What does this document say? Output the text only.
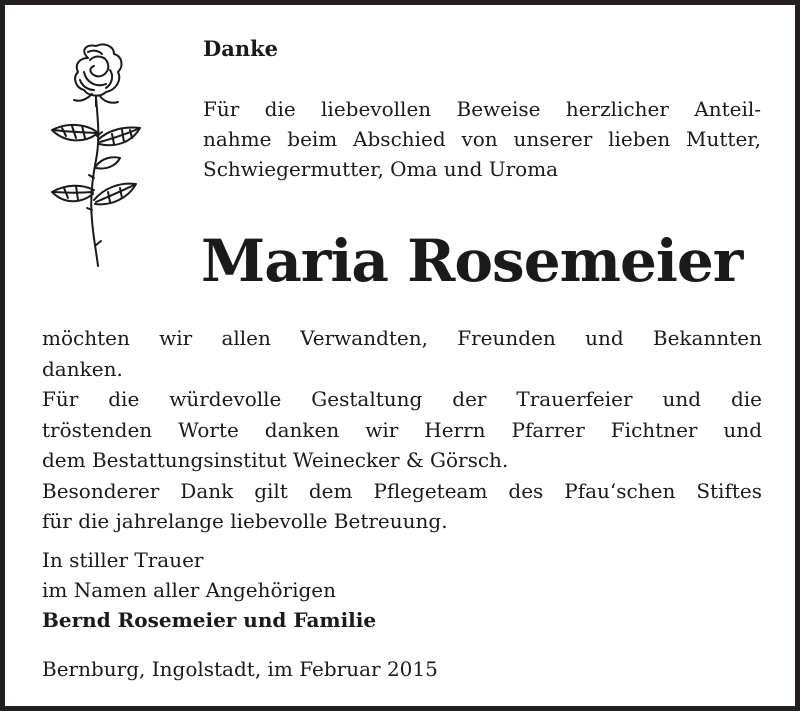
Danke

Für die liebevollen Beweise herzlicher Anteil-
nahme beim Abschied von unserer lieben Mutter,
Schwiegermutter, Oma und Uroma

Maria Rosemeier

möchten wir allen Verwandten, Freunden und Bekannten
danken.
Für die würdevolle Gestaltung der Trauerfeier und die
tröstenden Worte danken wir Herrn Pfarrer Fichtner und
dem Bestattungsinstitut Weinecker & Görsch.
Besonderer Dank gilt dem Pflegeteam des Pfau‘schen Stiftes
für die jahrelange liebevolle Betreuung.

In stiller Trauer
im Namen aller Angehörigen
Bernd Rosemeier und Familie

Bernburg, Ingolstadt, im Februar 2015
